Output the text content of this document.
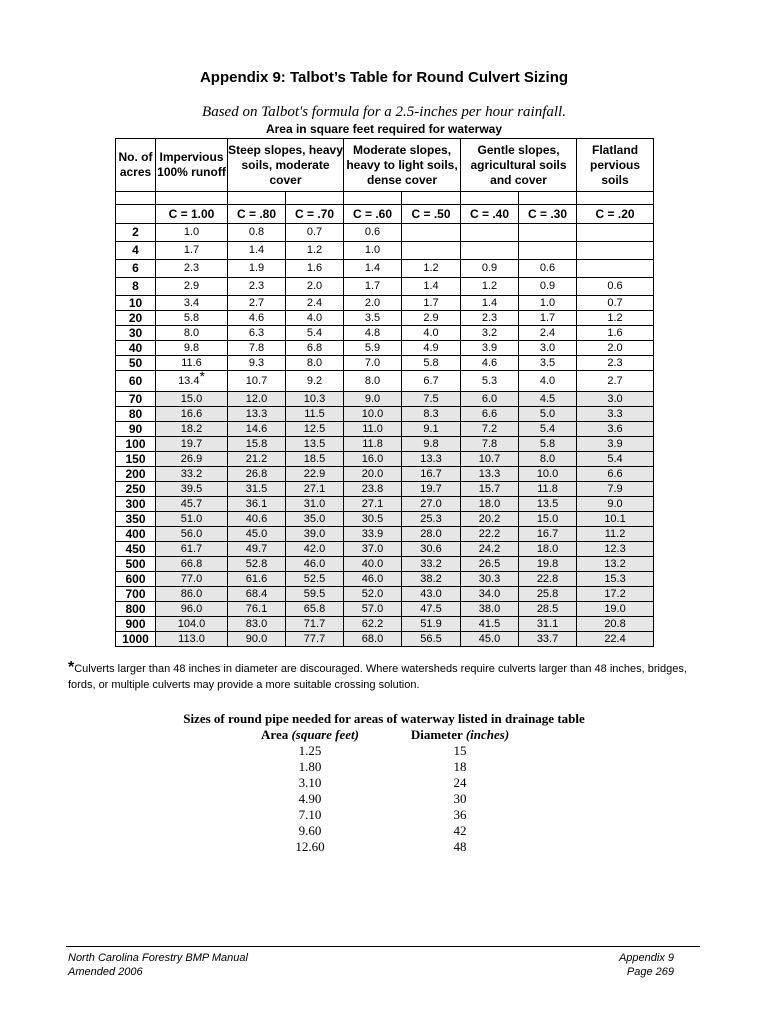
Appendix 9: Talbot’s Table for Round Culvert Sizing
Based on Talbot's formula for a 2.5-inches per hour rainfall.
Area in square feet required for waterway
No. of acres	Impervious 100% runoff	Steep slopes, heavy soils, moderate cover		Moderate slopes, heavy to light soils, dense cover		Gentle slopes, agricultural soils and cover		Flatland pervious soils

	C = 1.00	C = .80	C = .70	C = .60	C = .50	C = .40	C = .30	C = .20
2	1.0	0.8	0.7	0.6				
4	1.7	1.4	1.2	1.0				
6	2.3	1.9	1.6	1.4	1.2	0.9	0.6	
8	2.9	2.3	2.0	1.7	1.4	1.2	0.9	0.6
10	3.4	2.7	2.4	2.0	1.7	1.4	1.0	0.7
20	5.8	4.6	4.0	3.5	2.9	2.3	1.7	1.2
30	8.0	6.3	5.4	4.8	4.0	3.2	2.4	1.6
40	9.8	7.8	6.8	5.9	4.9	3.9	3.0	2.0
50	11.6	9.3	8.0	7.0	5.8	4.6	3.5	2.3
60	13.4*	10.7	9.2	8.0	6.7	5.3	4.0	2.7
70	15.0	12.0	10.3	9.0	7.5	6.0	4.5	3.0
80	16.6	13.3	11.5	10.0	8.3	6.6	5.0	3.3
90	18.2	14.6	12.5	11.0	9.1	7.2	5.4	3.6
100	19.7	15.8	13.5	11.8	9.8	7.8	5.8	3.9
150	26.9	21.2	18.5	16.0	13.3	10.7	8.0	5.4
200	33.2	26.8	22.9	20.0	16.7	13.3	10.0	6.6
250	39.5	31.5	27.1	23.8	19.7	15.7	11.8	7.9
300	45.7	36.1	31.0	27.1	27.0	18.0	13.5	9.0
350	51.0	40.6	35.0	30.5	25.3	20.2	15.0	10.1
400	56.0	45.0	39.0	33.9	28.0	22.2	16.7	11.2
450	61.7	49.7	42.0	37.0	30.6	24.2	18.0	12.3
500	66.8	52.8	46.0	40.0	33.2	26.5	19.8	13.2
600	77.0	61.6	52.5	46.0	38.2	30.3	22.8	15.3
700	86.0	68.4	59.5	52.0	43.0	34.0	25.8	17.2
800	96.0	76.1	65.8	57.0	47.5	38.0	28.5	19.0
900	104.0	83.0	71.7	62.2	51.9	41.5	31.1	20.8
1000	113.0	90.0	77.7	68.0	56.5	45.0	33.7	22.4
*Culverts larger than 48 inches in diameter are discouraged. Where watersheds require culverts larger than 48 inches, bridges, fords, or multiple culverts may provide a more suitable crossing solution.
Sizes of round pipe needed for areas of waterway listed in drainage table
Area (square feet)	Diameter (inches)
1.25	15
1.80	18
3.10	24
4.90	30
7.10	36
9.60	42
12.60	48
North Carolina Forestry BMP Manual
Amended 2006
Appendix 9
Page 269
